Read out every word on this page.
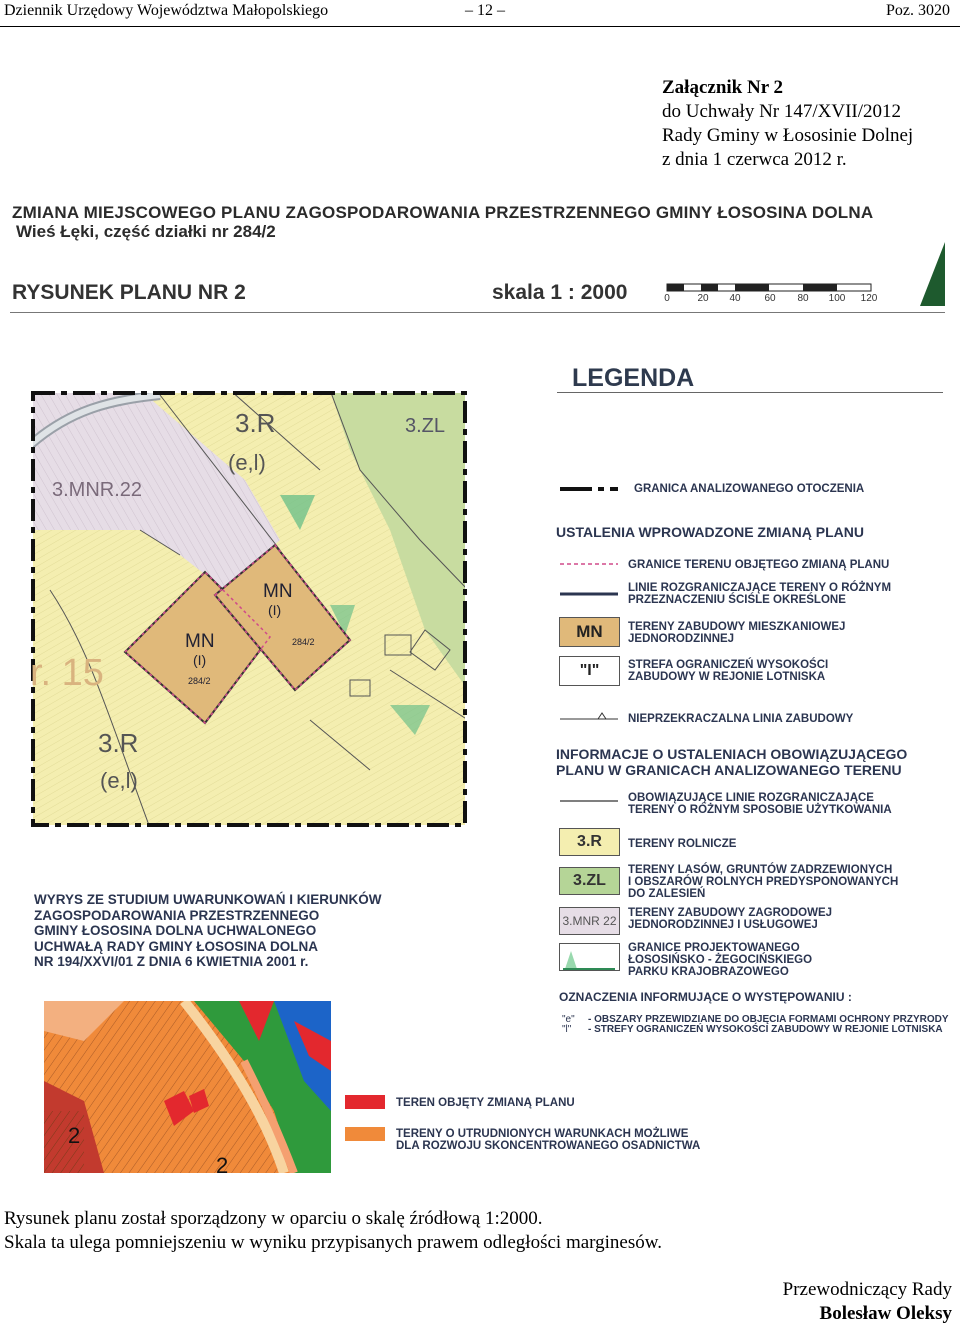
Dziennik Urzędowy Województwa Małopolskiego	– 12 –	Poz. 3020
Załącznik Nr 2
do Uchwały Nr 147/XVII/2012
Rady Gminy w Łososinie Dolnej
z dnia 1 czerwca 2012 r.
ZMIANA MIEJSCOWEGO PLANU ZAGOSPODAROWANIA PRZESTRZENNEGO GMINY ŁOSOSINA DOLNA
Wieś Łęki, część działki nr 284/2
RYSUNEK PLANU NR 2	skala 1 : 2000	0	20 40 60 80 100 120
3.R
(e,l)
3.ZL
3.MNR.22
r. 15
3.R
(e,l)
MN
(I)
284/2
MN
(I)
284/2
LEGENDA
GRANICA ANALIZOWANEGO OTOCZENIA
USTALENIA WPROWADZONE ZMIANĄ PLANU
GRANICE TERENU OBJĘTEGO ZMIANĄ PLANU
LINIE ROZGRANICZAJĄCE TERENY O RÓŻNYM
PRZEZNACZENIU ŚCIŚLE OKREŚLONE
MN	TERENY ZABUDOWY MIESZKANIOWEJ
JEDNORODZINNEJ
"I"	STREFA OGRANICZEŃ WYSOKOŚCI
ZABUDOWY W REJONIE LOTNISKA
NIEPRZEKRACZALNA LINIA ZABUDOWY
INFORMACJE O USTALENIACH OBOWIĄZUJĄCEGO
PLANU W GRANICACH ANALIZOWANEGO TERENU
OBOWIĄZUJĄCE LINIE ROZGRANICZAJĄCE
TERENY O RÓŻNYM SPOSOBIE UŻYTKOWANIA
3.R	TERENY ROLNICZE
3.ZL
TERENY LASÓW, GRUNTÓW ZADRZEWIONYCH
I OBSZARÓW ROLNYCH PREDYSPONOWANYCH
DO ZALESIEŃ
3.MNR 22
TERENY ZABUDOWY ZAGRODOWEJ
JEDNORODZINNEJ I USŁUGOWEJ
GRANICE PROJEKTOWANEGO
ŁOSOSIŃSKO - ŻEGOCIŃSKIEGO
PARKU KRAJOBRAZOWEGO
OZNACZENIA INFORMUJĄCE O WYSTĘPOWANIU :
"e" - OBSZARY PRZEWIDZIANE DO OBJĘCIA FORMAMI OCHRONY PRZYRODY
"l" - STREFY OGRANICZEŃ WYSOKOŚCI ZABUDOWY W REJONIE LOTNISKA
WYRYS ZE STUDIUM UWARUNKOWAŃ I KIERUNKÓW
ZAGOSPODAROWANIA PRZESTRZENNEGO
GMINY ŁOSOSINA DOLNA UCHWALONEGO
UCHWAŁĄ RADY GMINY ŁOSOSINA DOLNA
NR 194/XXVI/01 Z DNIA 6 KWIETNIA 2001 r.
2
2
TEREN OBJĘTY ZMIANĄ PLANU
TERENY O UTRUDNIONYCH WARUNKACH MOŻLIWE
DLA ROZWOJU SKONCENTROWANEGO OSADNICTWA
Rysunek planu został sporządzony w oparciu o skalę źródłową 1:2000.
Skala ta ulega pomniejszeniu w wyniku przypisanych prawem odległości marginesów.
Przewodniczący Rady
Bolesław Oleksy
